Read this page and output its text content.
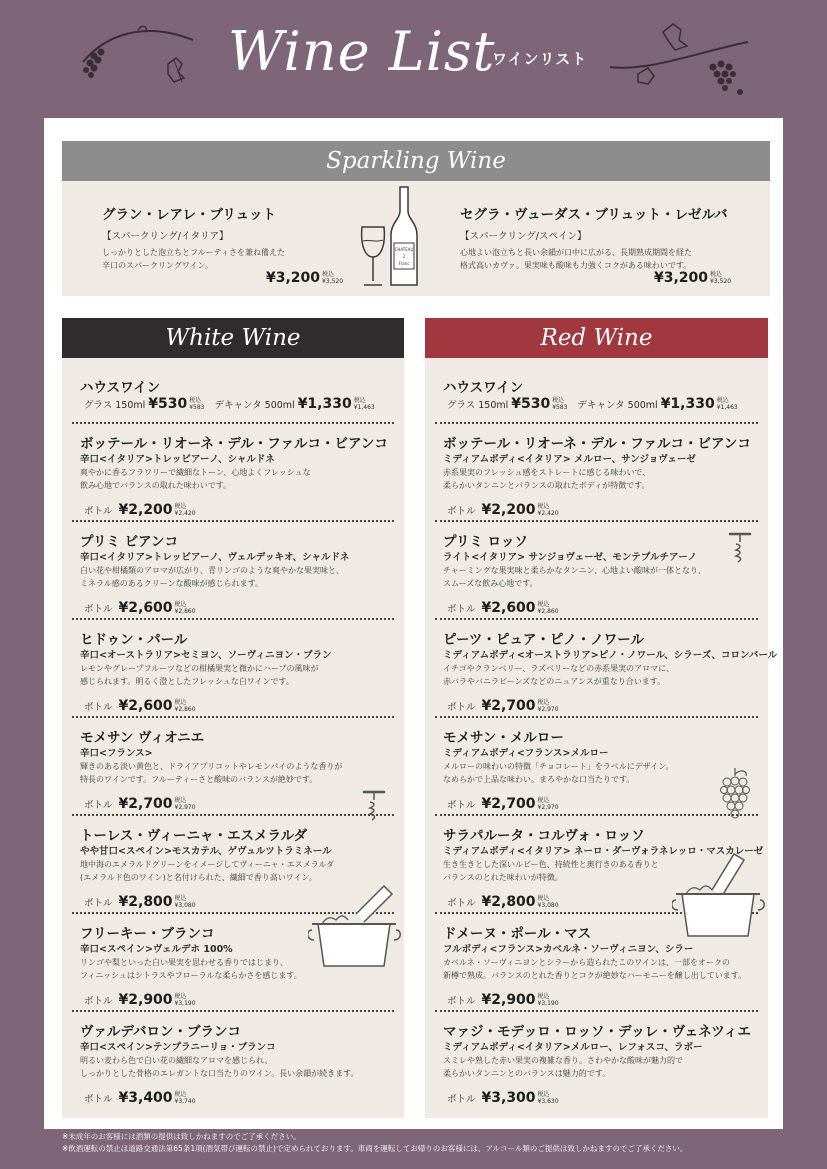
Wine List
ワインリスト
Sparkling Wine
グラン・レアレ・ブリュット
【スパークリング/イタリア】
しっかりとした泡立ちとフルーティさを兼ね備えた
辛口のスパークリングワイン。
¥3,200 税込
¥3,520
CHATEAU
2
Franc
セグラ・ヴューダス・ブリュット・レゼルバ
【スパークリング/スペイン】
心地よい泡立ちと長い余韻が口中に広がる、長期熟成期間を経た
格式高いカヴァ。果実味も酸味も力強くコクがある味わいです。
¥3,200 税込
¥3,520
White Wine
ハウスワイン
グラス 150ml ¥530 税込
¥583 デキャンタ 500ml ¥1,330 税込
¥1,463
ボッテール・リオーネ・デル・ファルコ・ビアンコ
辛口<イタリア>トレッビアーノ、シャルドネ
爽やかに香るフラワリーで繊細なトーン、心地よくフレッシュな
飲み心地でバランスの取れた味わいです。
ボトル ¥2,200 税込
¥2,420
プリミ ビアンコ
辛口<イタリア>トレッビアーノ、ヴェルデッキオ、シャルドネ
白い花や柑橘類のアロマが広がり、青リンゴのような爽やかな果実味と、
ミネラル感のあるクリーンな酸味が感じられます。
ボトル ¥2,600 税込
¥2,860
ヒドゥン・パール
辛口<オーストラリア>セミヨン、ソーヴィニヨン・ブラン
レモンやグレープフルーツなどの柑橘果実と微かにハーブの風味が
感じられます。明るく澄としたフレッシュな白ワインです。
ボトル ¥2,600 税込
¥2,860
モメサン ヴィオニエ
辛口<フランス>
輝きのある淡い黄色と、ドライアプリコットやレモンパイのような香りが
特長のワインです。フルーティーさと酸味のバランスが絶妙です。
ボトル ¥2,700 税込
¥2,970
トーレス・ヴィーニャ・エスメラルダ
やや甘口<スペイン>モスカテル、ゲヴュルツトラミネール
地中海のエメラルドグリーンをイメージしてヴィーニャ・エスメラルダ
(エメラルド色のワイン)と名付けられた、繊細で香り高いワイン。
ボトル ¥2,800 税込
¥3,080
フリーキー・ブランコ
辛口<スペイン>ヴェルデホ 100%
リンゴや梨といった白い果実を思わせる香りではじまり、
フィニッシュはシトラスやフローラルな柔らかさを感じます。
ボトル ¥2,900 税込
¥3,190
ヴァルデバロン・ブランコ
辛口<スペイン>テンプラニーリョ・ブランコ
明るい麦わら色で白い花の繊細なアロマを感じられ、
しっかりとした骨格のエレガントな口当たりのワイン。長い余韻が続きます。
ボトル ¥3,400 税込
¥3,740
Red Wine
ハウスワイン
グラス 150ml ¥530 税込
¥583 デキャンタ 500ml ¥1,330 税込
¥1,463
ボッテール・リオーネ・デル・ファルコ・ビアンコ
ミディアムボディ<イタリア> メルロー、サンジョヴェーゼ
赤系果実のフレッシュ感をストレートに感じる味わいで、
柔らかいタンニンとバランスの取れたボディが特徴です。
ボトル ¥2,200 税込
¥2,420
プリミ ロッソ
ライト<イタリア> サンジョヴェーゼ、モンテプルチアーノ
チャーミングな果実味と柔らかなタンニン、心地よい酸味が一体となり、
スムーズな飲み心地です。
ボトル ¥2,600 税込
¥2,860
ピーツ・ピュア・ピノ・ノワール
ミディアムボディ<オーストラリア>ピノ・ノワール、シラーズ、コロンバール
イチゴやクランベリー、ラズベリーなどの赤系果実のアロマに、
赤バラやバニラビーンズなどのニュアンスが重なり合います。
ボトル ¥2,700 税込
¥2,970
モメサン・メルロー
ミディアムボディ<フランス>メルロー
メルローの味わいの特徴「チョコレート」をラベルにデザイン。
なめらかで上品な味わい。まろやかな口当たりです。
ボトル ¥2,700 税込
¥2,970
サラパルータ・コルヴォ・ロッソ
ミディアムボディ<イタリア> ネーロ・ダーヴォラネレッロ・マスカレーゼ
生き生きとした深いルビー色、持続性と奥行きのある香りと
バランスのとれた味わいが特徴。
ボトル ¥2,800 税込
¥3,080
ドメーヌ・ポール・マス
フルボディ<フランス>カベルネ・ソーヴィニヨン、シラー
カベルネ・ソーヴィニヨンとシラーから造られたこのワインは、一部をオークの
新樽で熟成。バランスのとれた香りとコクが絶妙なハーモニーを醸し出しています。
ボトル ¥2,900 税込
¥3,190
マァジ・モデッロ・ロッソ・デッレ・ヴェネツィエ
ミディアムボディ<イタリア>メルロー、レフォスコ、ラボー
スミレや熟した赤い果実の複雑な香り。さわやかな酸味が魅力的で
柔らかいタンニンとのバランスは魅力的です。
ボトル ¥3,300 税込
¥3,630
※未成年のお客様には酒類の提供は致しかねますのでご了承ください。
※飲酒運転の禁止は道路交通法第65条1項(酒気帯び運転の禁止)で定められております。車両を運転してお帰りのお客様には、アルコール類のご提供は致しかねますのでご了承ください。
